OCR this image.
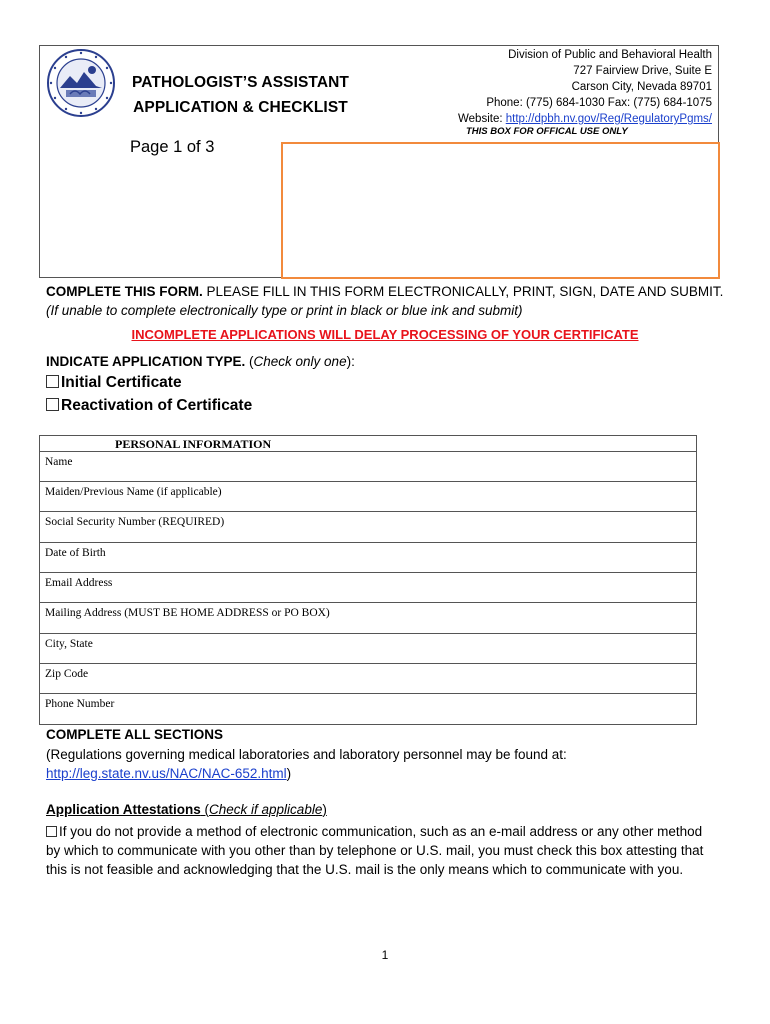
PATHOLOGIST’S ASSISTANT
APPLICATION & CHECKLIST
Page 1 of 3
Division of Public and Behavioral Health
727 Fairview Drive, Suite E
Carson City, Nevada 89701
Phone: (775) 684-1030 Fax: (775) 684-1075
Website: http://dpbh.nv.gov/Reg/RegulatoryPgms/
THIS BOX FOR OFFICAL USE ONLY
COMPLETE THIS FORM. PLEASE FILL IN THIS FORM ELECTRONICALLY, PRINT, SIGN, DATE AND SUBMIT. (If unable to complete electronically type or print in black or blue ink and submit)
INCOMPLETE APPLICATIONS WILL DELAY PROCESSING OF YOUR CERTIFICATE
INDICATE APPLICATION TYPE. (Check only one):
Initial Certificate
Reactivation of Certificate
PERSONAL INFORMATION
Name
Maiden/Previous Name (if applicable)
Social Security Number (REQUIRED)
Date of Birth
Email Address
Mailing Address (MUST BE HOME ADDRESS or PO BOX)
City, State
Zip Code
Phone Number
COMPLETE ALL SECTIONS
(Regulations governing medical laboratories and laboratory personnel may be found at:
http://leg.state.nv.us/NAC/NAC-652.html)
Application Attestations (Check if applicable)
If you do not provide a method of electronic communication, such as an e-mail address or any other method by which to communicate with you other than by telephone or U.S. mail, you must check this box attesting that this is not feasible and acknowledging that the U.S. mail is the only means which to communicate with you.
1
